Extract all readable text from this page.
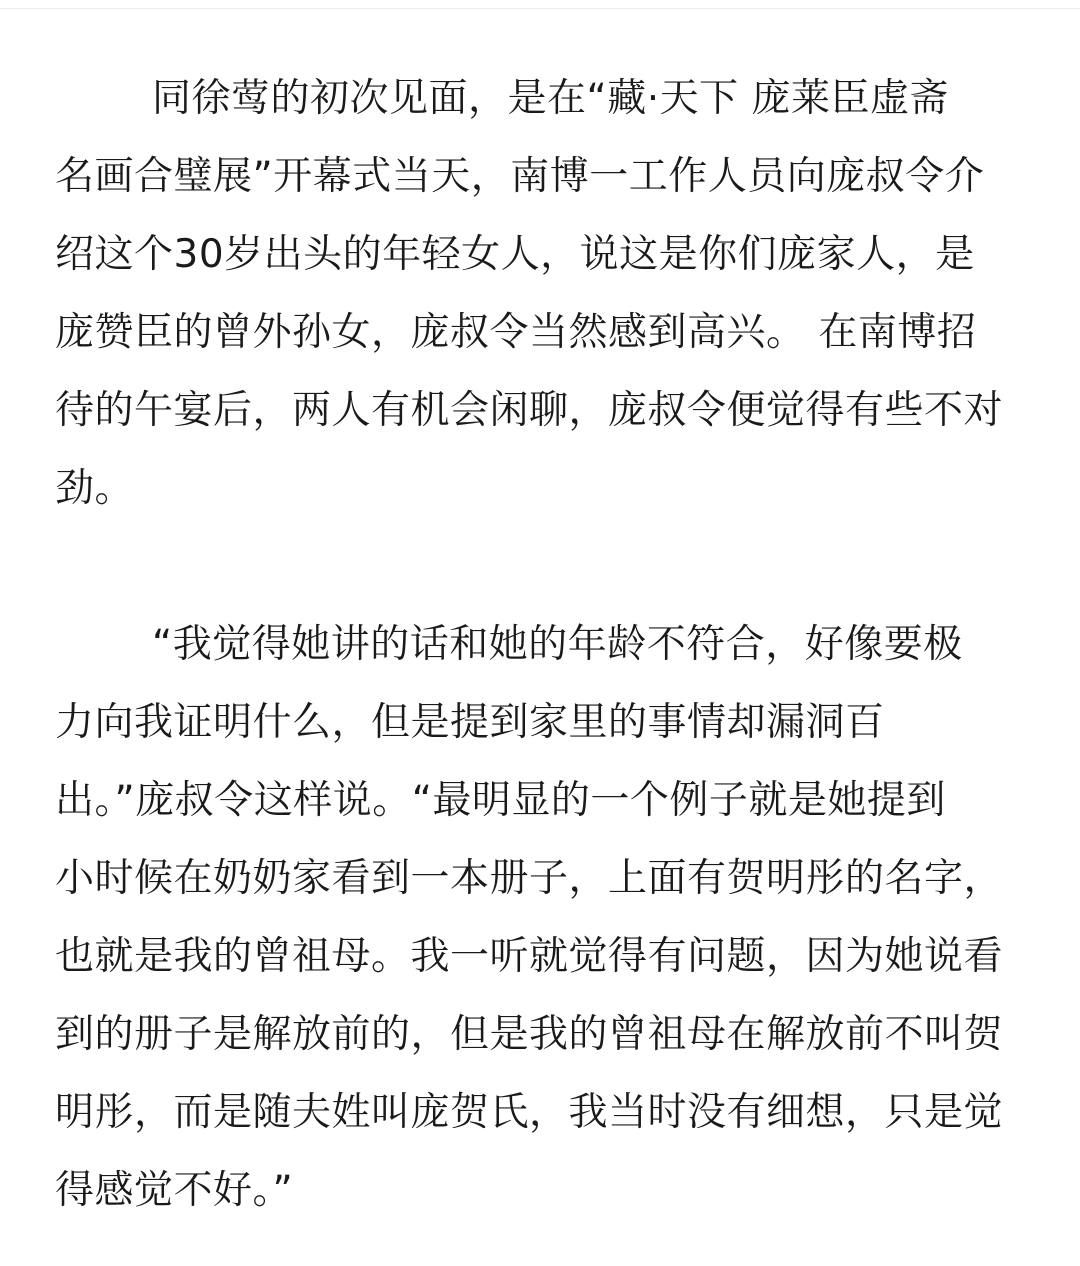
同徐莺的初次见面，是在“藏·天下 庞莱臣虚斋
名画合璧展”开幕式当天，南博一工作人员向庞叔令介
绍这个30岁出头的年轻女人，说这是你们庞家人，是
庞赞臣的曾外孙女，庞叔令当然感到高兴。 在南博招
待的午宴后，两人有机会闲聊，庞叔令便觉得有些不对
劲。
“我觉得她讲的话和她的年龄不符合，好像要极
力向我证明什么，但是提到家里的事情却漏洞百
出。”庞叔令这样说。“最明显的一个例子就是她提到
小时候在奶奶家看到一本册子，上面有贺明彤的名字，
也就是我的曾祖母。我一听就觉得有问题，因为她说看
到的册子是解放前的，但是我的曾祖母在解放前不叫贺
明彤，而是随夫姓叫庞贺氏，我当时没有细想，只是觉
得感觉不好。”
